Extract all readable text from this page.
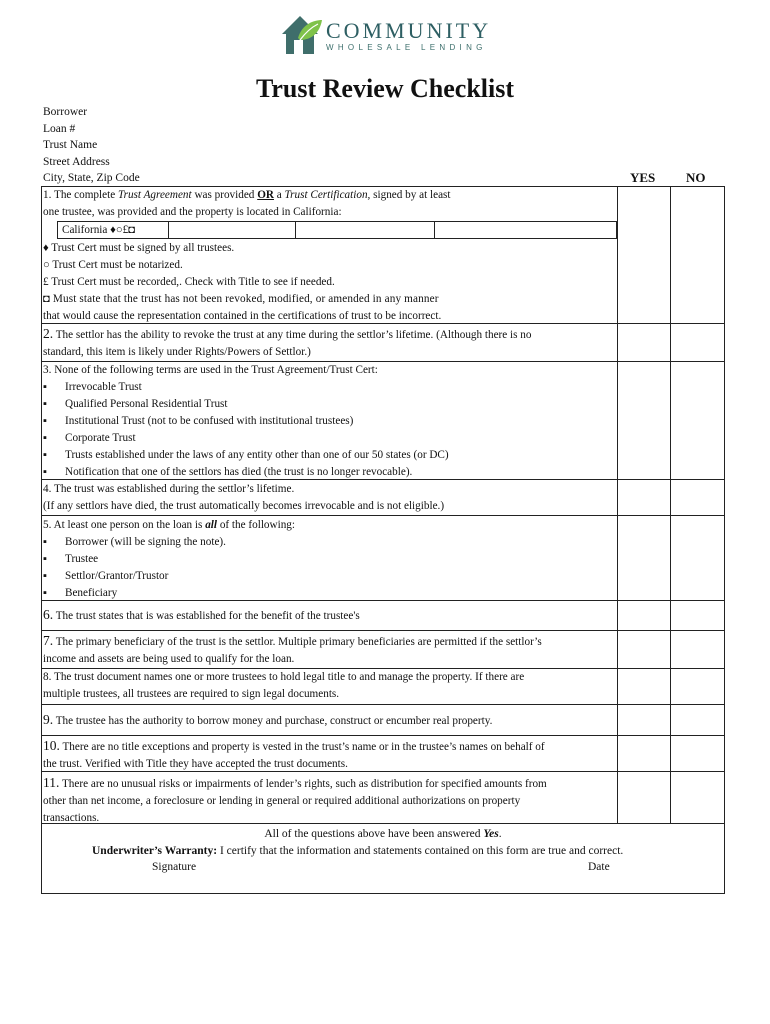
COMMUNITY
WHOLESALE LENDING
Trust Review Checklist
Borrower
Loan #
Trust Name
Street Address
City, State, Zip Code	YES NO
1. The complete Trust Agreement was provided OR a Trust Certification, signed by at least
one trustee, was provided and the property is located in California:
California ♦○£◘
♦ Trust Cert must be signed by all trustees.
○ Trust Cert must be notarized.
£ Trust Cert must be recorded,. Check with Title to see if needed.
◘ Must state that the trust has not been revoked, modified, or amended in any manner
that would cause the representation contained in the certifications of trust to be incorrect.
2. The settlor has the ability to revoke the trust at any time during the settlor’s lifetime. (Although there is no
standard, this item is likely under Rights/Powers of Settlor.)
3. None of the following terms are used in the Trust Agreement/Trust Cert:
▪ Irrevocable Trust
▪ Qualified Personal Residential Trust
▪ Institutional Trust (not to be confused with institutional trustees)
▪ Corporate Trust
▪ Trusts established under the laws of any entity other than one of our 50 states (or DC)
▪ Notification that one of the settlors has died (the trust is no longer revocable).
4. The trust was established during the settlor’s lifetime.
(If any settlors have died, the trust automatically becomes irrevocable and is not eligible.)
5. At least one person on the loan is all of the following:
▪ Borrower (will be signing the note).
▪ Trustee
▪ Settlor/Grantor/Trustor
▪ Beneficiary
6. The trust states that is was established for the benefit of the trustee's
7. The primary beneficiary of the trust is the settlor. Multiple primary beneficiaries are permitted if the settlor’s
income and assets are being used to qualify for the loan.
8. The trust document names one or more trustees to hold legal title to and manage the property. If there are
multiple trustees, all trustees are required to sign legal documents.
9. The trustee has the authority to borrow money and purchase, construct or encumber real property.
10. There are no title exceptions and property is vested in the trust’s name or in the trustee’s names on behalf of
the trust. Verified with Title they have accepted the trust documents.
11. There are no unusual risks or impairments of lender’s rights, such as distribution for specified amounts from
other than net income, a foreclosure or lending in general or required additional authorizations on property
transactions.
All of the questions above have been answered Yes.
Underwriter’s Warranty: I certify that the information and statements contained on this form are true and correct.
Signature	Date
